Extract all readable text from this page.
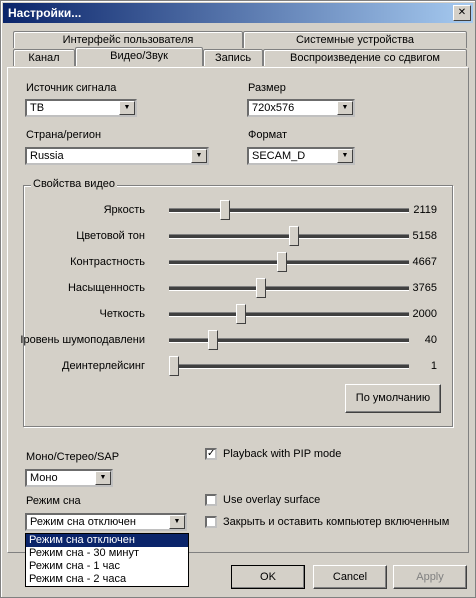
Настройки...	✕
Интерфейс пользователя	Системные устройства
Канал	Видео/Звук	Запись	Воспроизведение со сдвигом
Источник сигнала
ТВ	▼
Размер
720x576	▼
Страна/регион
Russia	▼
Формат
SECAM_D	▼
Свойства видео
Яркость	2119
Цветовой тон	5158
Контрастность	4667
Насыщенность	3765
Четкость	2000
Iровень шумоподавлени	40
Деинтерлейсинг	1
По умолчанию
Моно/Стерео/SAP
Моно	▼
Режим сна
Режим сна отключен	▼
Режим сна отключен
Режим сна - 30 минут
Режим сна - 1 час
Режим сна - 2 часа
✓ Playback with PIP mode
Use overlay surface
Закрыть и оставить компьютер включенным
OK	Cancel	Apply
